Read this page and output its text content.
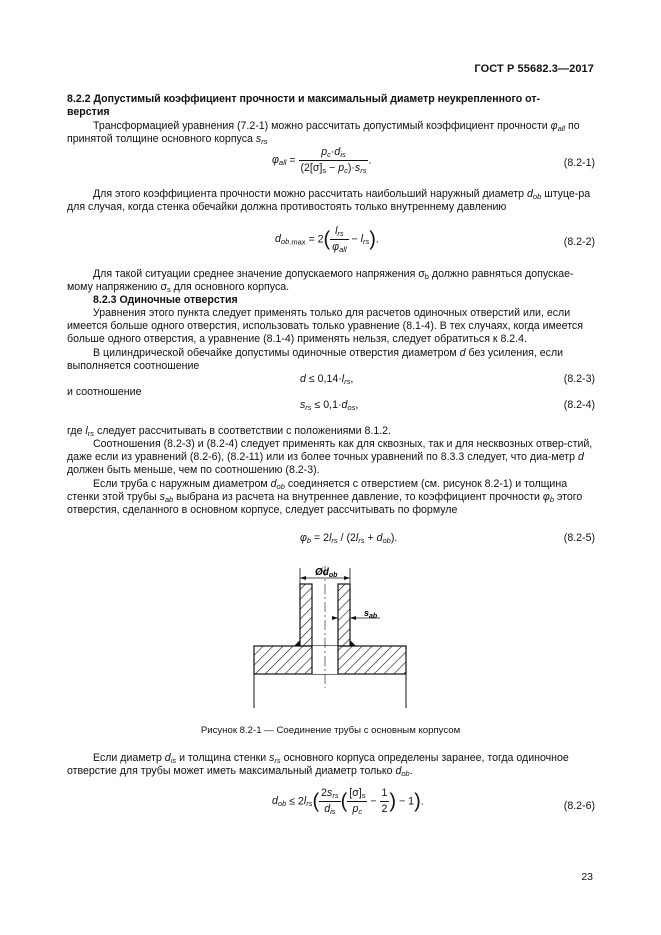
ГОСТ Р 55682.3—2017
8.2.2 Допустимый коэффициент прочности и максимальный диаметр неукрепленного от-
верстия
Трансформацией уравнения (7.2-1) можно рассчитать допустимый коэффициент прочности $\varphi_{all}$ по принятой толщине основного корпуса $s_{rs}$
$\varphi_{all} = \frac{p_c\cdot d_{is}}{(2[\sigma]_s - p_c)\cdot s_{rs}}$ .	(8.2-1)
Для этого коэффициента прочности можно рассчитать наибольший наружный диаметр $d_{ob}$ штуце-ра для случая, когда стенка обечайки должна противостоять только внутреннему давлению
$d_{ob.max} = 2( \frac{l_{rs}}{\varphi_{all}} - l_{rs})$.	(8.2-2)
Для такой ситуации среднее значение допускаемого напряжения $\sigma_b$ должно равняться допускае-мому напряжению $\sigma_s$ для основного корпуса.
8.2.3 Одиночные отверстия
Уравнения этого пункта следует применять только для расчетов одиночных отверстий или, если имеется больше одного отверстия, использовать только уравнение (8.1-4). В тех случаях, когда имеется больше одного отверстия, а уравнение (8.1-4) применять нельзя, следует обратиться к 8.2.4.
В цилиндрической обечайке допустимы одиночные отверстия диаметром d без усиления, если выполняется соотношение
$d \le 0,14\cdot l_{rs}$,	(8.2-3)
и соотношение
$s_{rs} \le 0,1\cdot d_{os}$,	(8.2-4)
где $l_{rs}$ следует рассчитывать в соответствии с положениями 8.1.2.
Соотношения (8.2-3) и (8.2-4) следует применять как для сквозных, так и для несквозных отвер-стий, даже если из уравнений (8.2-6), (8.2-11) или из более точных уравнений по 8.3.3 следует, что диа-метр d должен быть меньше, чем по соотношению (8.2-3).
Если труба с наружным диаметром $d_{ob}$ соединяется с отверстием (см. рисунок 8.2-1) и толщина стенки этой трубы $s_{ab}$ выбрана из расчета на внутреннее давление, то коэффициент прочности $\varphi_b$ этого отверстия, сделанного в основном корпусе, следует рассчитывать по формуле
$\varphi_b = 2l_{rs} / (2l_{rs} + d_{ob})$.	(8.2-5)
$Ød_{ob}$
$s_{ab}$
Рисунок 8.2-1 — Соединение трубы с основным корпусом
Если диаметр $d_{is}$ и толщина стенки $s_{rs}$ основного корпуса определены заранее, тогда одиночное отверстие для трубы может иметь максимальный диаметр только $d_{ob}$.
$d_{ob} \le 2l_{rs}( \frac{2s_{rs}}{d_{is}}$ ( $\frac{[\sigma]_s}{p_c} - \frac{1}{2}$ ) − 1).	(8.2-6)
23
